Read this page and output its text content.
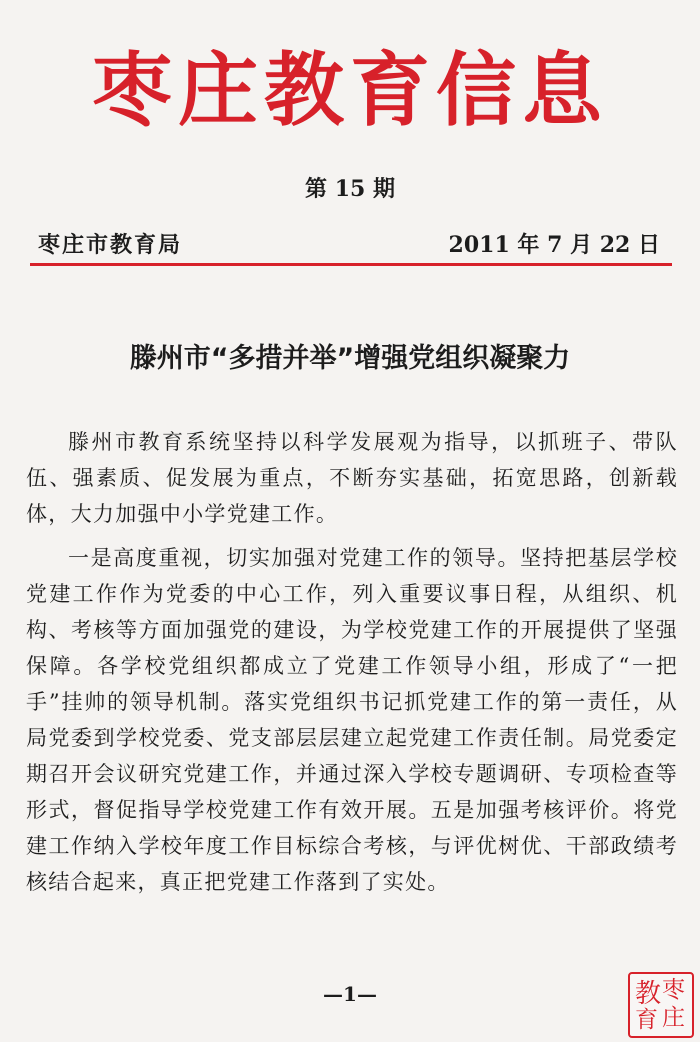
枣庄教育信息
第 15 期
枣庄市教育局	2011 年 7 月 22 日
滕州市“多措并举”增强党组织凝聚力

滕州市教育系统坚持以科学发展观为指导，以抓班子、带队伍、强素质、促发展为重点，不断夯实基础，拓宽思路，创新载体，大力加强中小学党建工作。

一是高度重视，切实加强对党建工作的领导。坚持把基层学校党建工作作为党委的中心工作，列入重要议事日程，从组织、机构、考核等方面加强党的建设，为学校党建工作的开展提供了坚强保障。各学校党组织都成立了党建工作领导小组，形成了“一把手”挂帅的领导机制。落实党组织书记抓党建工作的第一责任，从局党委到学校党委、党支部层层建立起党建工作责任制。局党委定期召开会议研究党建工作，并通过深入学校专题调研、专项检查等形式，督促指导学校党建工作有效开展。五是加强考核评价。将党建工作纳入学校年度工作目标综合考核，与评优树优、干部政绩考核结合起来，真正把党建工作落到了实处。

—1—	枣
庄
教
育
